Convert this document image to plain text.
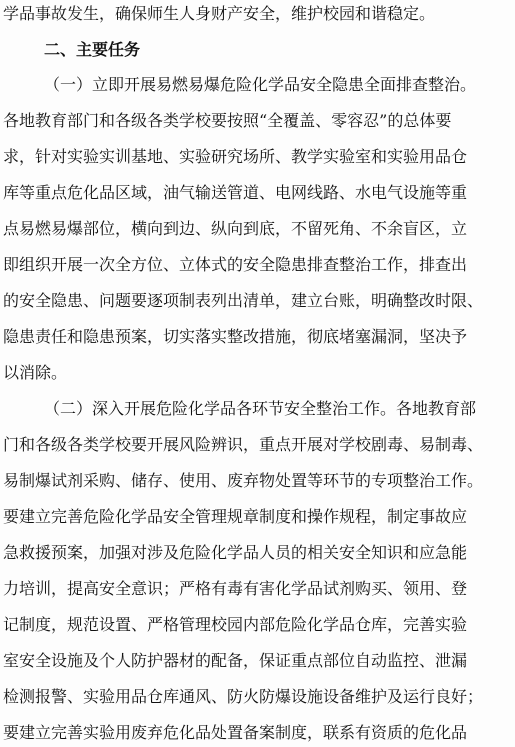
学品事故发生，确保师生人身财产安全，维护校园和谐稳定。
二、主要任务
（一）立即开展易燃易爆危险化学品安全隐患全面排查整治。
各地教育部门和各级各类学校要按照“全覆盖、零容忍”的总体要
求，针对实验实训基地、实验研究场所、教学实验室和实验用品仓
库等重点危化品区域，油气输送管道、电网线路、水电气设施等重
点易燃易爆部位，横向到边、纵向到底，不留死角、不余盲区，立
即组织开展一次全方位、立体式的安全隐患排查整治工作，排查出
的安全隐患、问题要逐项制表列出清单，建立台账，明确整改时限、
隐患责任和隐患预案，切实落实整改措施，彻底堵塞漏洞，坚决予
以消除。
（二）深入开展危险化学品各环节安全整治工作。各地教育部
门和各级各类学校要开展风险辨识，重点开展对学校剧毒、易制毒、
易制爆试剂采购、储存、使用、废弃物处置等环节的专项整治工作。
要建立完善危险化学品安全管理规章制度和操作规程，制定事故应
急救援预案，加强对涉及危险化学品人员的相关安全知识和应急能
力培训，提高安全意识；严格有毒有害化学品试剂购买、领用、登
记制度，规范设置、严格管理校园内部危险化学品仓库，完善实验
室安全设施及个人防护器材的配备，保证重点部位自动监控、泄漏
检测报警、实验用品仓库通风、防火防爆设施设备维护及运行良好；
要建立完善实验用废弃危化品处置备案制度，联系有资质的危化品
